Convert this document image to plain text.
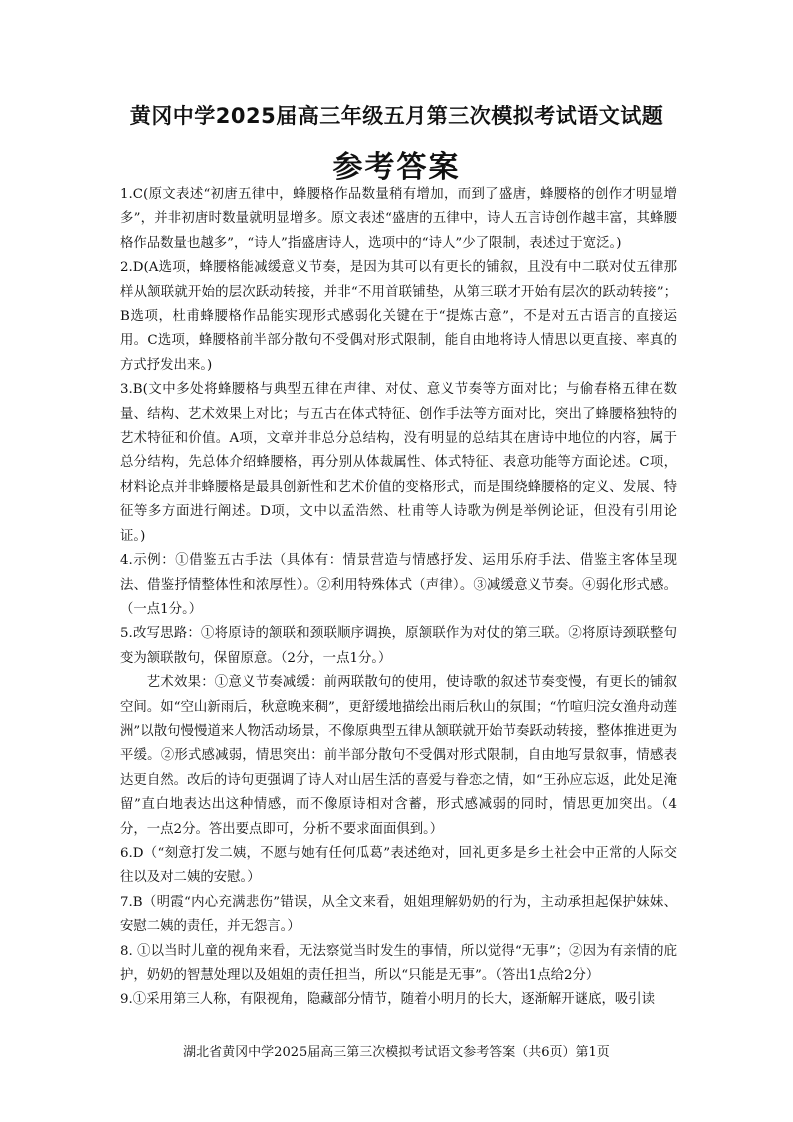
黄冈中学2025届高三年级五月第三次模拟考试语文试题
参考答案

1.C(原文表述“初唐五律中，蜂腰格作品数量稍有增加，而到了盛唐，蜂腰格的创作才明显增多”，并非初唐时数量就明显增多。原文表述“盛唐的五律中，诗人五言诗创作越丰富，其蜂腰格作品数量也越多”，“诗人”指盛唐诗人，选项中的“诗人”少了限制，表述过于宽泛。)

2.D(A选项，蜂腰格能减缓意义节奏，是因为其可以有更长的铺叙，且没有中二联对仗五律那样从颔联就开始的层次跃动转接，并非“不用首联铺垫，从第三联才开始有层次的跃动转接”；B选项，杜甫蜂腰格作品能实现形式感弱化关键在于“提炼古意”，不是对五古语言的直接运用。C选项，蜂腰格前半部分散句不受偶对形式限制，能自由地将诗人情思以更直接、率真的方式抒发出来。)

3.B(文中多处将蜂腰格与典型五律在声律、对仗、意义节奏等方面对比；与偷春格五律在数量、结构、艺术效果上对比；与五古在体式特征、创作手法等方面对比，突出了蜂腰格独特的艺术特征和价值。A项，文章并非总分总结构，没有明显的总结其在唐诗中地位的内容，属于总分结构，先总体介绍蜂腰格，再分别从体裁属性、体式特征、表意功能等方面论述。C项，材料论点并非蜂腰格是最具创新性和艺术价值的变格形式，而是围绕蜂腰格的定义、发展、特征等多方面进行阐述。D项，文中以孟浩然、杜甫等人诗歌为例是举例论证，但没有引用论证。)

4.示例：①借鉴五古手法（具体有：情景营造与情感抒发、运用乐府手法、借鉴主客体呈现法、借鉴抒情整体性和浓厚性）。②利用特殊体式（声律）。③减缓意义节奏。④弱化形式感。（一点1分。）

5.改写思路：①将原诗的颔联和颈联顺序调换，原颔联作为对仗的第三联。②将原诗颈联整句变为颔联散句，保留原意。（2分，一点1分。）

艺术效果：①意义节奏减缓：前两联散句的使用，使诗歌的叙述节奏变慢，有更长的铺叙空间。如“空山新雨后，秋意晚来稠”，更舒缓地描绘出雨后秋山的氛围；“竹喧归浣女渔舟动莲洲”以散句慢慢道来人物活动场景，不像原典型五律从颔联就开始节奏跃动转接，整体推进更为平缓。②形式感减弱，情思突出：前半部分散句不受偶对形式限制，自由地写景叙事，情感表达更自然。改后的诗句更强调了诗人对山居生活的喜爱与眷恋之情，如“王孙应忘返，此处足淹留”直白地表达出这种情感，而不像原诗相对含蓄，形式感减弱的同时，情思更加突出。（4分，一点2分。答出要点即可，分析不要求面面俱到。）

6.D（“刻意打发二姨，不愿与她有任何瓜葛”表述绝对，回礼更多是乡土社会中正常的人际交往以及对二姨的安慰。）

7.B（明霞“内心充满悲伤”错误，从全文来看，姐姐理解奶奶的行为，主动承担起保护妹妹、安慰二姨的责任，并无怨言。）

8. ①以当时儿童的视角来看，无法察觉当时发生的事情，所以觉得“无事”；②因为有亲情的庇护，奶奶的智慧处理以及姐姐的责任担当，所以“只能是无事”。（答出1点给2分）

9.①采用第三人称，有限视角，隐藏部分情节，随着小明月的长大，逐渐解开谜底，吸引读

湖北省黄冈中学2025届高三第三次模拟考试语文参考答案（共6页）第1页
